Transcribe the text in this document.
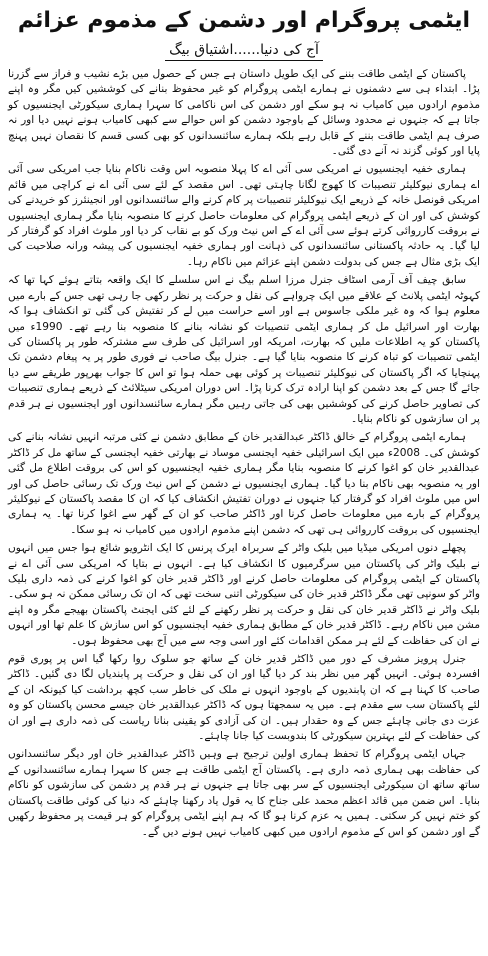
ایٹمی پروگرام اور دشمن کے مذموم عزائم
آج کی دنیا......اشتیاق بیگ

پاکستان کے ایٹمی طاقت بننے کی ایک طویل داستان ہے جس کے حصول میں بڑے نشیب و فراز سے گزرنا پڑا۔ ابتداء ہی سے دشمنوں نے ہمارے ایٹمی پروگرام کو غیر محفوظ بنانے کی کوششیں کیں مگر وہ اپنے مذموم ارادوں میں کامیاب نہ ہو سکے اور دشمن کی اس ناکامی کا سہرا ہماری سیکورٹی ایجنسیوں کو جاتا ہے کہ جنہوں نے محدود وسائل کے باوجود دشمن کو اس حوالے سے کبھی کامیاب ہونے نہیں دیا اور نہ صرف ہم ایٹمی طاقت بننے کے قابل رہے بلکہ ہمارے سائنسدانوں کو بھی کسی قسم کا نقصان نہیں پہنچ پایا اور کوئی گزند نہ آنے دی گئی۔

ہماری خفیہ ایجنسیوں نے امریکی سی آئی اے کا پہلا منصوبہ اس وقت ناکام بنایا جب امریکی سی آئی اے ہماری نیوکلیئر تنصیبات کا کھوج لگانا چاہتی تھی۔ اس مقصد کے لئے سی آئی اے نے کراچی میں قائم امریکی قونصل خانہ کے ذریعے ایک نیوکلیئر تنصیبات پر کام کرنے والے سائنسدانوں اور انجینئرز کو خریدنے کی کوشش کی اور ان کے ذریعے ایٹمی پروگرام کی معلومات حاصل کرنے کا منصوبہ بنایا مگر ہماری ایجنسیوں نے بروقت کارروائی کرتے ہوئے سی آئی اے کے اس نیٹ ورک کو بے نقاب کر دیا اور ملوث افراد کو گرفتار کر لیا گیا۔ یہ حادثہ پاکستانی سائنسدانوں کی ذہانت اور ہماری خفیہ ایجنسیوں کی پیشہ ورانہ صلاحیت کی ایک بڑی مثال ہے جس کی بدولت دشمن اپنے عزائم میں ناکام رہا۔

سابق چیف آف آرمی اسٹاف جنرل مرزا اسلم بیگ نے اس سلسلے کا ایک واقعہ بتاتے ہوئے کہا تھا کہ کہوٹہ ایٹمی پلانٹ کے علاقے میں ایک چرواہے کی نقل و حرکت پر نظر رکھی جا رہی تھی جس کے بارے میں معلوم ہوا کہ وہ غیر ملکی جاسوس ہے اور اسے حراست میں لے کر تفتیش کی گئی تو انکشاف ہوا کہ بھارت اور اسرائیل مل کر ہماری ایٹمی تنصیبات کو نشانہ بنانے کا منصوبہ بنا رہے تھے۔ 1990ء میں پاکستان کو یہ اطلاعات ملیں کہ بھارت، امریکہ اور اسرائیل کی طرف سے مشترکہ طور پر پاکستان کی ایٹمی تنصیبات کو تباہ کرنے کا منصوبہ بنایا گیا ہے۔ جنرل بیگ صاحب نے فوری طور پر یہ پیغام دشمن تک پہنچایا کہ اگر پاکستان کی نیوکلیئر تنصیبات پر کوئی بھی حملہ ہوا تو اس کا جواب بھرپور طریقے سے دیا جائے گا جس کے بعد دشمن کو اپنا ارادہ ترک کرنا پڑا۔ اس دوران امریکی سیٹلائٹ کے ذریعے ہماری تنصیبات کی تصاویر حاصل کرنے کی کوششیں بھی کی جاتی رہیں مگر ہمارے سائنسدانوں اور ایجنسیوں نے ہر قدم پر ان سازشوں کو ناکام بنایا۔

ہمارے ایٹمی پروگرام کے خالق ڈاکٹر عبدالقدیر خان کے مطابق دشمن نے کئی مرتبہ انہیں نشانہ بنانے کی کوشش کی۔ 2008ء میں ایک اسرائیلی خفیہ ایجنسی موساد نے بھارتی خفیہ ایجنسی کے ساتھ مل کر ڈاکٹر عبدالقدیر خان کو اغوا کرنے کا منصوبہ بنایا مگر ہماری خفیہ ایجنسیوں کو اس کی بروقت اطلاع مل گئی اور یہ منصوبہ بھی ناکام بنا دیا گیا۔ ہماری ایجنسیوں نے دشمن کے اس نیٹ ورک تک رسائی حاصل کی اور اس میں ملوث افراد کو گرفتار کیا جنہوں نے دوران تفتیش انکشاف کیا کہ ان کا مقصد پاکستان کے نیوکلیئر پروگرام کے بارے میں معلومات حاصل کرنا اور ڈاکٹر صاحب کو ان کے گھر سے اغوا کرنا تھا۔ یہ ہماری ایجنسیوں کی بروقت کارروائی ہی تھی کہ دشمن اپنے مذموم ارادوں میں کامیاب نہ ہو سکا۔

پچھلے دنوں امریکی میڈیا میں بلیک واٹر کے سربراہ ایرک پرنس کا ایک انٹرویو شائع ہوا جس میں انہوں نے بلیک واٹر کی پاکستان میں سرگرمیوں کا انکشاف کیا ہے۔ انہوں نے بتایا کہ امریکی سی آئی اے نے پاکستان کے ایٹمی پروگرام کی معلومات حاصل کرنے اور ڈاکٹر قدیر خان کو اغوا کرنے کی ذمہ داری بلیک واٹر کو سونپی تھی مگر ڈاکٹر قدیر خان کی سیکورٹی اتنی سخت تھی کہ ان تک رسائی ممکن نہ ہو سکی۔ بلیک واٹر نے ڈاکٹر قدیر خان کی نقل و حرکت پر نظر رکھنے کے لئے کئی ایجنٹ پاکستان بھیجے مگر وہ اپنے مشن میں ناکام رہے۔ ڈاکٹر قدیر خان کے مطابق ہماری خفیہ ایجنسیوں کو اس سازش کا علم تھا اور انہوں نے ان کی حفاظت کے لئے ہر ممکن اقدامات کئے اور اسی وجہ سے میں آج بھی محفوظ ہوں۔

جنرل پرویز مشرف کے دور میں ڈاکٹر قدیر خان کے ساتھ جو سلوک روا رکھا گیا اس پر پوری قوم افسردہ ہوئی۔ انہیں گھر میں نظر بند کر دیا گیا اور ان کی نقل و حرکت پر پابندیاں لگا دی گئیں۔ ڈاکٹر صاحب کا کہنا ہے کہ ان پابندیوں کے باوجود انہوں نے ملک کی خاطر سب کچھ برداشت کیا کیونکہ ان کے لئے پاکستان سب سے مقدم ہے۔ میں یہ سمجھتا ہوں کہ ڈاکٹر عبدالقدیر خان جیسے محسن پاکستان کو وہ عزت دی جانی چاہئے جس کے وہ حقدار ہیں۔ ان کی آزادی کو یقینی بنانا ریاست کی ذمہ داری ہے اور ان کی حفاظت کے لئے بہترین سیکورٹی کا بندوبست کیا جانا چاہئے۔

جہاں ایٹمی پروگرام کا تحفظ ہماری اولین ترجیح ہے وہیں ڈاکٹر عبدالقدیر خان اور دیگر سائنسدانوں کی حفاظت بھی ہماری ذمہ داری ہے۔ پاکستان آج ایٹمی طاقت ہے جس کا سہرا ہمارے سائنسدانوں کے ساتھ ساتھ ان سیکورٹی ایجنسیوں کے سر بھی جاتا ہے جنہوں نے ہر قدم پر دشمن کی سازشوں کو ناکام بنایا۔ اس ضمن میں قائد اعظم محمد علی جناح کا یہ قول یاد رکھنا چاہئے کہ دنیا کی کوئی طاقت پاکستان کو ختم نہیں کر سکتی۔ ہمیں یہ عزم کرنا ہو گا کہ ہم اپنے ایٹمی پروگرام کو ہر قیمت پر محفوظ رکھیں گے اور دشمن کو اس کے مذموم ارادوں میں کبھی کامیاب نہیں ہونے دیں گے۔
